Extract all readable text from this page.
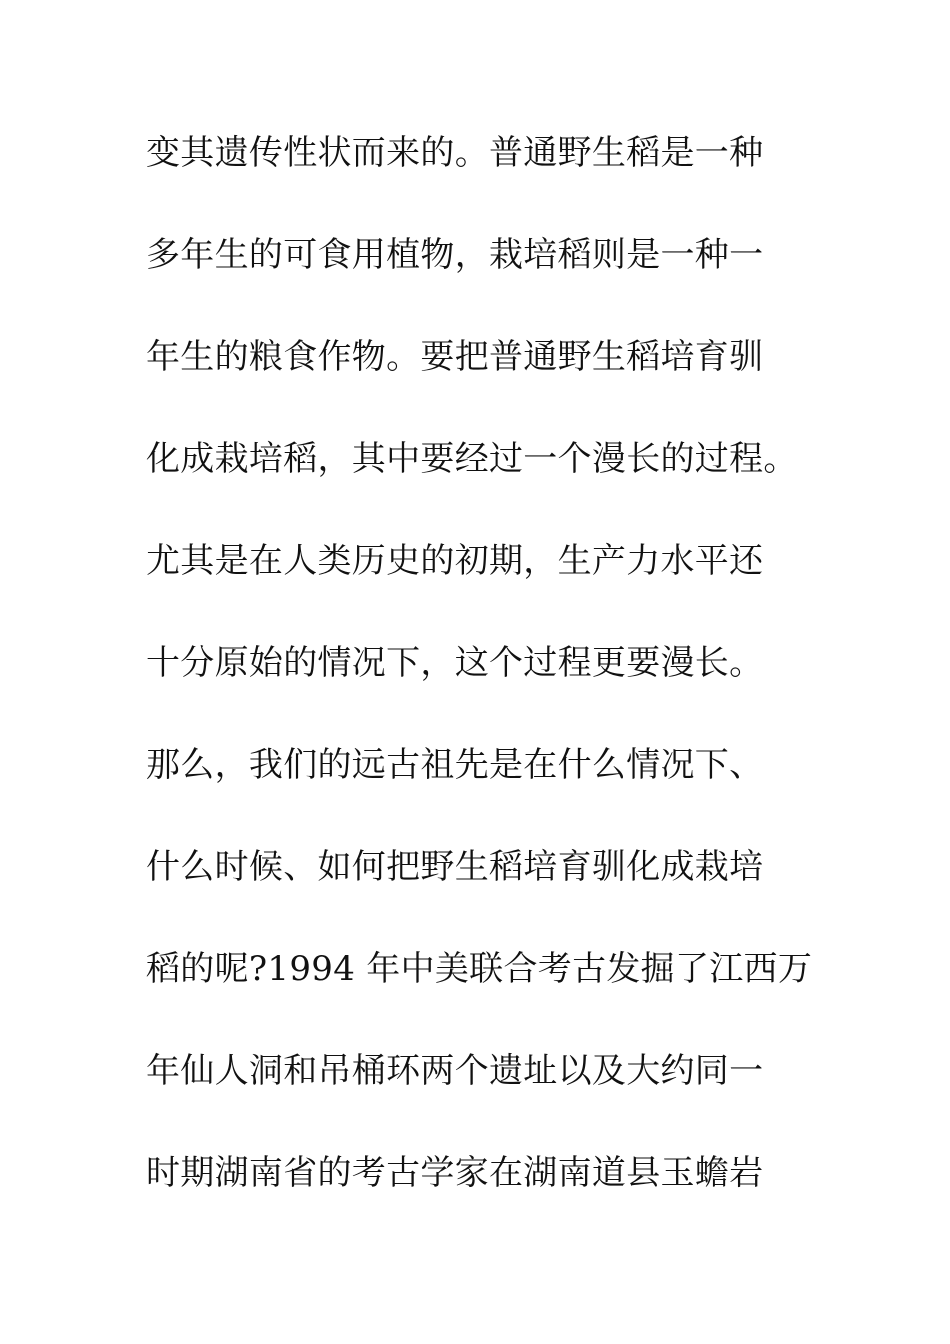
变其遗传性状而来的。普通野生稻是一种
多年生的可食用植物，栽培稻则是一种一
年生的粮食作物。要把普通野生稻培育驯
化成栽培稻，其中要经过一个漫长的过程。
尤其是在人类历史的初期，生产力水平还
十分原始的情况下，这个过程更要漫长。
那么，我们的远古祖先是在什么情况下、
什么时候、如何把野生稻培育驯化成栽培
稻的呢?1994 年中美联合考古发掘了江西万
年仙人洞和吊桶环两个遗址以及大约同一
时期湖南省的考古学家在湖南道县玉蟾岩
